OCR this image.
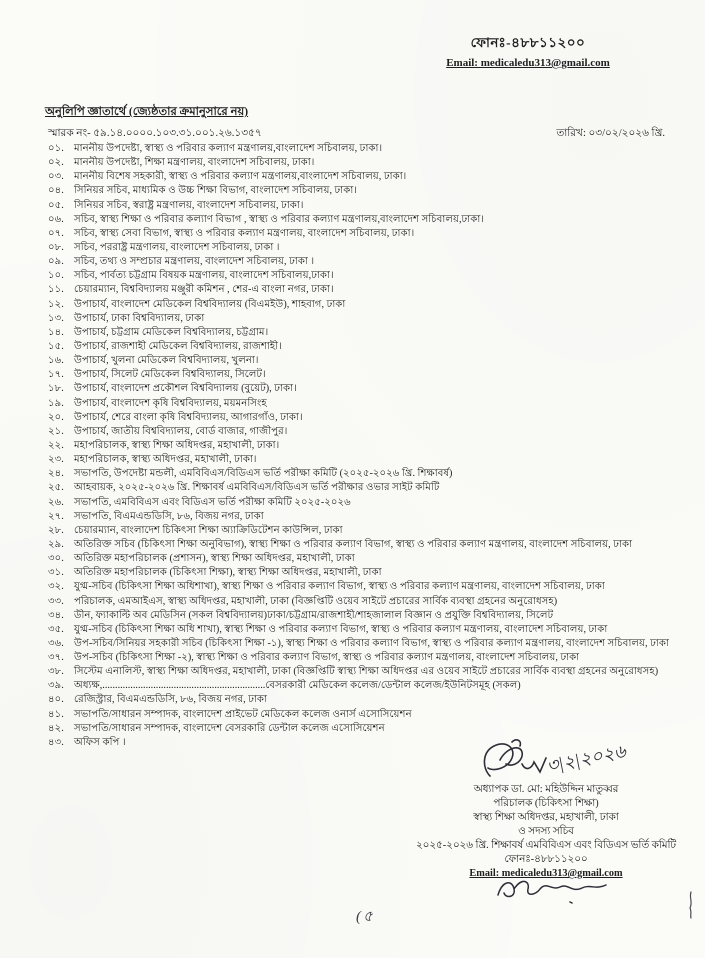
ফোনঃ-৪৮৮১১২০০
Email: medicaledu313@gmail.com
অনুলিপি জ্ঞাতার্থে (জ্যেষ্ঠতার ক্রমানুসারে নয়)
স্মারক নং- ৫৯.১৪.০০০০.১০৩.৩১.০০১.২৬.১৩৫৭	তারিখ: ০৩/০২/২০২৬ খ্রি.
০১.	মাননীয় উপদেষ্টা, স্বাস্থ্য ও পরিবার কল্যাণ মন্ত্রণালয়,বাংলাদেশ সচিবালয়, ঢাকা।
০২.	মাননীয় উপদেষ্টা, শিক্ষা মন্ত্রণালয়, বাংলাদেশ সচিবালয়, ঢাকা।
০৩.	মাননীয় বিশেষ সহকারী, স্বাস্থ্য ও পরিবার কল্যাণ মন্ত্রণালয়,বাংলাদেশ সচিবালয়, ঢাকা।
০৪.	সিনিয়র সচিব, মাধ্যমিক ও উচ্চ শিক্ষা বিভাগ, বাংলাদেশ সচিবালয়, ঢাকা।
০৫.	সিনিয়র সচিব, স্বরাষ্ট্র মন্ত্রণালয়, বাংলাদেশ সচিবালয়, ঢাকা।
০৬.	সচিব, স্বাস্থ্য শিক্ষা ও পরিবার কল্যাণ বিভাগ , স্বাস্থ্য ও পরিবার কল্যাণ মন্ত্রণালয়,বাংলাদেশ সচিবালয়,ঢাকা।
০৭.	সচিব, স্বাস্থ্য সেবা বিভাগ, স্বাস্থ্য ও পরিবার কল্যাণ মন্ত্রণালয়, বাংলাদেশ সচিবালয়, ঢাকা।
০৮.	সচিব, পররাষ্ট্র মন্ত্রণালয়, বাংলাদেশ সচিবালয়, ঢাকা ।
০৯.	সচিব, তথ্য ও সম্প্রচার মন্ত্রণালয়, বাংলাদেশ সচিবালয়, ঢাকা ।
১০.	সচিব, পার্বত্য চট্টগ্রাম বিষয়ক মন্ত্রণালয়, বাংলাদেশ সচিবালয়,ঢাকা।
১১.	চেয়ারম্যান, বিশ্ববিদ্যালয় মঞ্জুরী কমিশন , শের-এ বাংলা নগর, ঢাকা।
১২.	উপাচার্য, বাংলাদেশ মেডিকেল বিশ্ববিদ্যালয় (বিএমইউ), শাহবাগ, ঢাকা
১৩.	উপাচার্য, ঢাকা বিশ্ববিদ্যালয়, ঢাকা
১৪.	উপাচার্য, চট্টগ্রাম মেডিকেল বিশ্ববিদ্যালয়, চট্টগ্রাম।
১৫.	উপাচার্য, রাজশাহী মেডিকেল বিশ্ববিদ্যালয়, রাজশাহী।
১৬.	উপাচার্য, খুলনা মেডিকেল বিশ্ববিদ্যালয়, খুলনা।
১৭.	উপাচার্য, সিলেট মেডিকেল বিশ্ববিদ্যালয়, সিলেট।
১৮.	উপাচার্য, বাংলাদেশ প্রকৌশল বিশ্ববিদ্যালয় (বুয়েট), ঢাকা।
১৯.	উপাচার্য, বাংলাদেশ কৃষি বিশ্ববিদ্যালয়, ময়মনসিংহ
২০.	উপাচার্য, শেরে বাংলা কৃষি বিশ্ববিদ্যালয়, আগারগাঁও, ঢাকা।
২১.	উপাচার্য, জাতীয় বিশ্ববিদ্যালয়, বোর্ড বাজার, গাজীপুর।
২২.	মহাপরিচালক, স্বাস্থ্য শিক্ষা অধিদপ্তর, মহাখালী, ঢাকা।
২৩.	মহাপরিচালক, স্বাস্থ্য অধিদপ্তর, মহাখালী, ঢাকা।
২৪.	সভাপতি, উপদেষ্টা মন্ডলী, এমবিবিএস/বিডিএস ভর্তি পরীক্ষা কমিটি (২০২৫-২০২৬ খ্রি. শিক্ষাবর্ষ)
২৫.	আহবায়ক, ২০২৫-২০২৬ খ্রি. শিক্ষাবর্ষ এমবিবিএস/বিডিএস ভর্তি পরীক্ষার ওভার সাইট কমিটি
২৬.	সভাপতি, এমবিবিএস এবং বিডিএস ভর্তি পরীক্ষা কমিটি ২০২৫-২০২৬
২৭.	সভাপতি, বিএমএন্ডডিসি, ৮৬, বিজয় নগর, ঢাকা
২৮.	চেয়ারম্যান, বাংলাদেশ চিকিৎসা শিক্ষা অ্যাক্রিডিটেশন কাউন্সিল, ঢাকা
২৯.	অতিরিক্ত সচিব (চিকিৎসা শিক্ষা অনুবিভাগ), স্বাস্থ্য শিক্ষা ও পরিবার কল্যাণ বিভাগ, স্বাস্থ্য ও পরিবার কল্যাণ মন্ত্রণালয়, বাংলাদেশ সচিবালয়, ঢাকা
৩০.	অতিরিক্ত মহাপরিচালক (প্রশাসন), স্বাস্থ্য শিক্ষা অধিদপ্তর, মহাখালী, ঢাকা
৩১.	অতিরিক্ত মহাপরিচালক (চিকিৎসা শিক্ষা), স্বাস্থ্য শিক্ষা অধিদপ্তর, মহাখালী, ঢাকা
৩২.	যুগ্ম-সচিব (চিকিৎসা শিক্ষা অধিশাখা), স্বাস্থ্য শিক্ষা ও পরিবার কল্যাণ বিভাগ, স্বাস্থ্য ও পরিবার কল্যাণ মন্ত্রণালয়, বাংলাদেশ সচিবালয়, ঢাকা
৩৩.	পরিচালক, এমআইএস, স্বাস্থ্য অধিদপ্তর, মহাখালী, ঢাকা (বিজ্ঞপ্তিটি ওয়েব সাইটে প্রচারের সার্বিক ব্যবস্থা গ্রহনের অনুরোধসহ)
৩৪.	ডীন, ফ্যাকাল্টি অব মেডিসিন (সকল বিশ্ববিদ্যালয়)ঢাকা/চট্টগ্রাম/রাজশাহী/শাহজালাল বিজ্ঞান ও প্রযুক্তি বিশ্ববিদ্যালয়, সিলেট
৩৫.	যুগ্ম-সচিব (চিকিৎসা শিক্ষা অধি শাখা), স্বাস্থ্য শিক্ষা ও পরিবার কল্যাণ বিভাগ, স্বাস্থ্য ও পরিবার কল্যাণ মন্ত্রণালয়, বাংলাদেশ সচিবালয়, ঢাকা
৩৬.	উপ-সচিব/সিনিয়র সহকারী সচিব (চিকিৎসা শিক্ষা -১), স্বাস্থ্য শিক্ষা ও পরিবার কল্যাণ বিভাগ, স্বাস্থ্য ও পরিবার কল্যাণ মন্ত্রণালয়, বাংলাদেশ সচিবালয়, ঢাকা
৩৭.	উপ-সচিব (চিকিৎসা শিক্ষা -২), স্বাস্থ্য শিক্ষা ও পরিবার কল্যাণ বিভাগ, স্বাস্থ্য ও পরিবার কল্যাণ মন্ত্রণালয়, বাংলাদেশ সচিবালয়, ঢাকা
৩৮.	সিস্টেম এনালিস্ট, স্বাস্থ্য শিক্ষা অধিদপ্তর, মহাখালী, ঢাকা (বিজ্ঞপ্তিটি স্বাস্থ্য শিক্ষা অধিদপ্তর এর ওয়েব সাইটে প্রচারের সার্বিক ব্যবস্থা গ্রহনের অনুরোধসহ)
৩৯.	অধ্যক্ষ,................................................................বেসরকারী মেডিকেল কলেজ/ডেন্টাল কলেজ/ইউনিটসমূহ (সকল)
৪০.	রেজিস্ট্রার, বিএমএন্ডডিসি, ৮৬, বিজয় নগর, ঢাকা
৪১.	সভাপতি/সাধারন সম্পাদক, বাংলাদেশ প্রাইভেট মেডিকেল কলেজ ওনার্স এসোসিয়েশন
৪২.	সভাপতি/সাধারন সম্পাদক, বাংলাদেশ বেসরকারি ডেন্টাল কলেজ এসোসিয়েশন
৪৩.	অফিস কপি ।	৩|২|২০২৬
অধ্যাপক ডা. মো: মহিউদ্দিন মাতুব্বর
পরিচালক (চিকিৎসা শিক্ষা)
স্বাস্থ্য শিক্ষা অধিদপ্তর, মহাখালী, ঢাকা
ও সদস্য সচিব
২০২৫-২০২৬ খ্রি. শিক্ষাবর্ষ এমবিবিএস এবং বিডিএস ভর্তি কমিটি
ফোনঃ-৪৮৮১১২০০
Email: medicaledu313@gmail.com
(৫
